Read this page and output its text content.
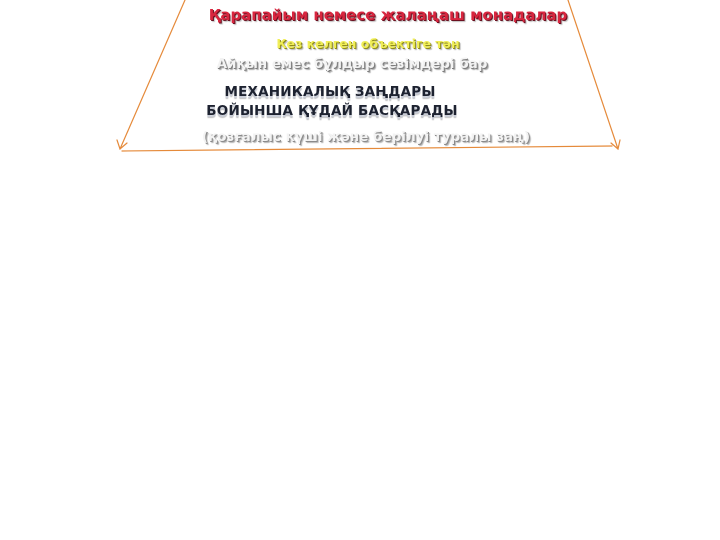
Қарапайым немесе жалаңаш монадалар
Кез келген объектіге тән
Айқын емес бұлдыр сезімдері бар
МЕХАНИКАЛЫҚ ЗАҢДАРЫ
БОЙЫНША ҚҰДАЙ БАСҚАРАДЫ
(қозғалыс күші және берілуі туралы заң)
